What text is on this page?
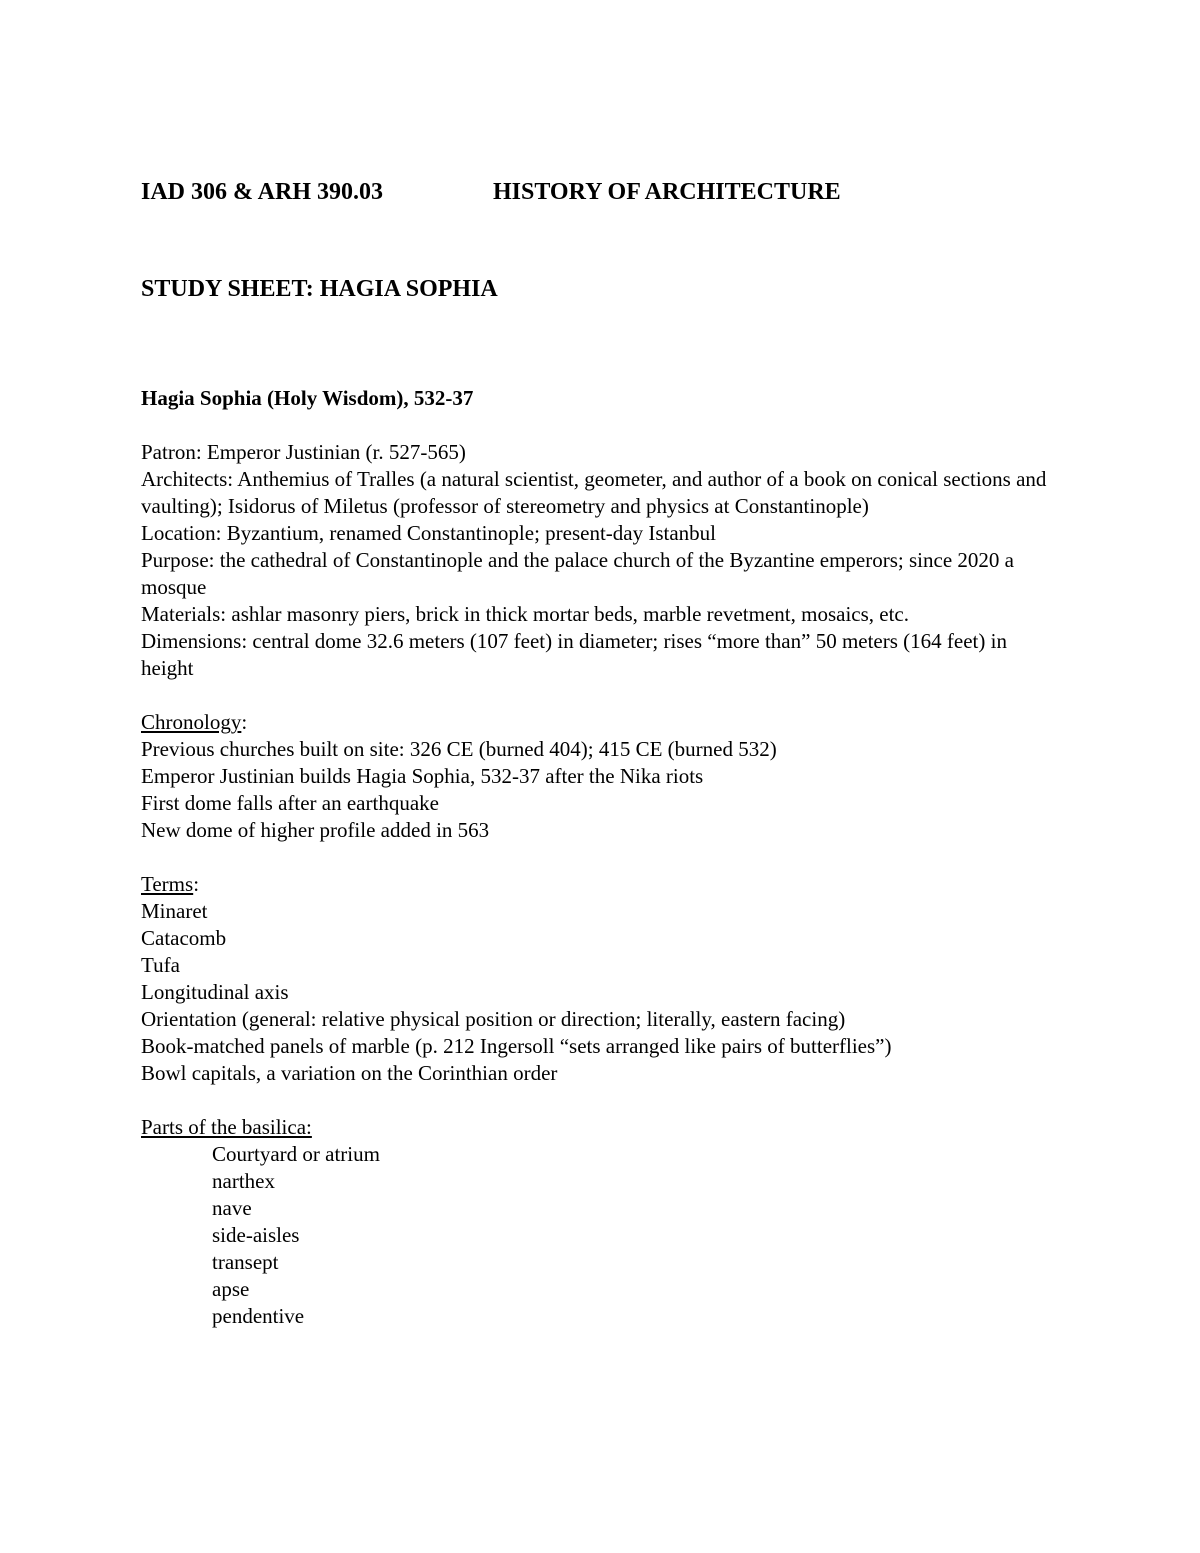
IAD 306 & ARH 390.03	HISTORY OF ARCHITECTURE
STUDY SHEET: HAGIA SOPHIA

Hagia Sophia (Holy Wisdom), 532-37

Patron: Emperor Justinian (r. 527-565)

Architects: Anthemius of Tralles (a natural scientist, geometer, and author of a book on conical sections and vaulting); Isidorus of Miletus (professor of stereometry and physics at Constantinople)

Location: Byzantium, renamed Constantinople; present-day Istanbul

Purpose: the cathedral of Constantinople and the palace church of the Byzantine emperors; since 2020 a mosque

Materials: ashlar masonry piers, brick in thick mortar beds, marble revetment, mosaics, etc.

Dimensions: central dome 32.6 meters (107 feet) in diameter; rises “more than” 50 meters (164 feet) in height

Chronology:

Previous churches built on site: 326 CE (burned 404); 415 CE (burned 532)

Emperor Justinian builds Hagia Sophia, 532-37 after the Nika riots

First dome falls after an earthquake

New dome of higher profile added in 563

Terms:

Minaret

Catacomb

Tufa

Longitudinal axis

Orientation (general: relative physical position or direction; literally, eastern facing)

Book-matched panels of marble (p. 212 Ingersoll “sets arranged like pairs of butterflies”)

Bowl capitals, a variation on the Corinthian order

Parts of the basilica:

Courtyard or atrium

narthex

nave

side-aisles

transept

apse

pendentive
